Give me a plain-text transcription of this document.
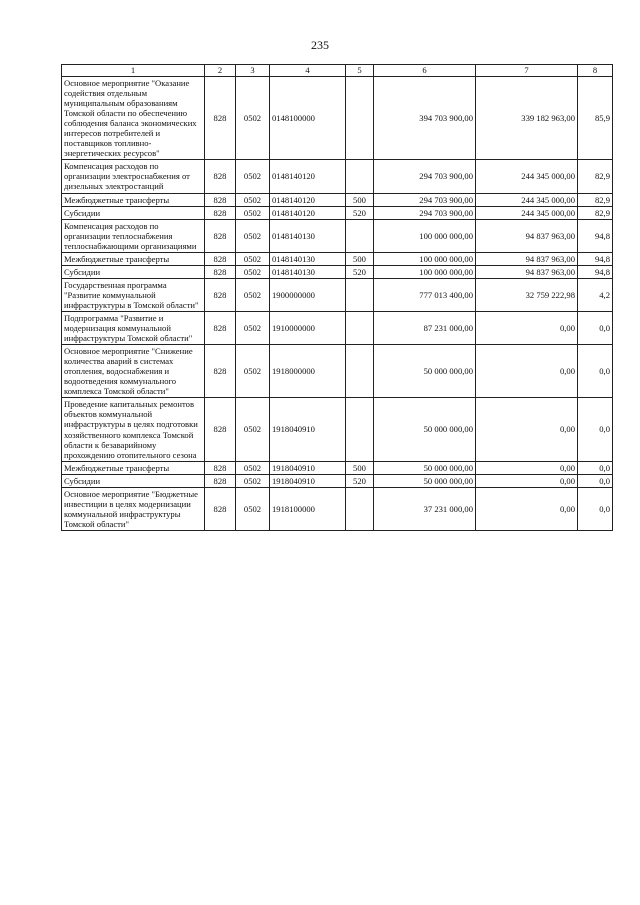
235
1	2	3	4	5	6	7	8
Основное мероприятие "Оказание содействия отдельным муниципальным образованиям Томской области по обеспечению соблюдения баланса экономических интересов потребителей и поставщиков топливно-энергетических ресурсов"	828	0502	0148100000		394 703 900,00	339 182 963,00	85,9
Компенсация расходов по организации электроснабжения от дизельных электростанций	828	0502	0148140120		294 703 900,00	244 345 000,00	82,9
Межбюджетные трансферты	828	0502	0148140120	500	294 703 900,00	244 345 000,00	82,9
Субсидии	828	0502	0148140120	520	294 703 900,00	244 345 000,00	82,9
Компенсация расходов по организации теплоснабжения теплоснабжающими организациями	828	0502	0148140130		100 000 000,00	94 837 963,00	94,8
Межбюджетные трансферты	828	0502	0148140130	500	100 000 000,00	94 837 963,00	94,8
Субсидии	828	0502	0148140130	520	100 000 000,00	94 837 963,00	94,8
Государственная программа "Развитие коммунальной инфраструктуры в Томской области"	828	0502	1900000000		777 013 400,00	32 759 222,98	4,2
Подпрограмма "Развитие и модернизация коммунальной инфраструктуры Томской области"	828	0502	1910000000		87 231 000,00	0,00	0,0
Основное мероприятие "Снижение количества аварий в системах отопления, водоснабжения и водоотведения коммунального комплекса Томской области"	828	0502	1918000000		50 000 000,00	0,00	0,0
Проведение капитальных ремонтов объектов коммунальной инфраструктуры в целях подготовки хозяйственного комплекса Томской области к безаварийному прохождению отопительного сезона	828	0502	1918040910		50 000 000,00	0,00	0,0
Межбюджетные трансферты	828	0502	1918040910	500	50 000 000,00	0,00	0,0
Субсидии	828	0502	1918040910	520	50 000 000,00	0,00	0,0
Основное мероприятие "Бюджетные инвестиции в целях модернизации коммунальной инфраструктуры Томской области"	828	0502	1918100000		37 231 000,00	0,00	0,0
